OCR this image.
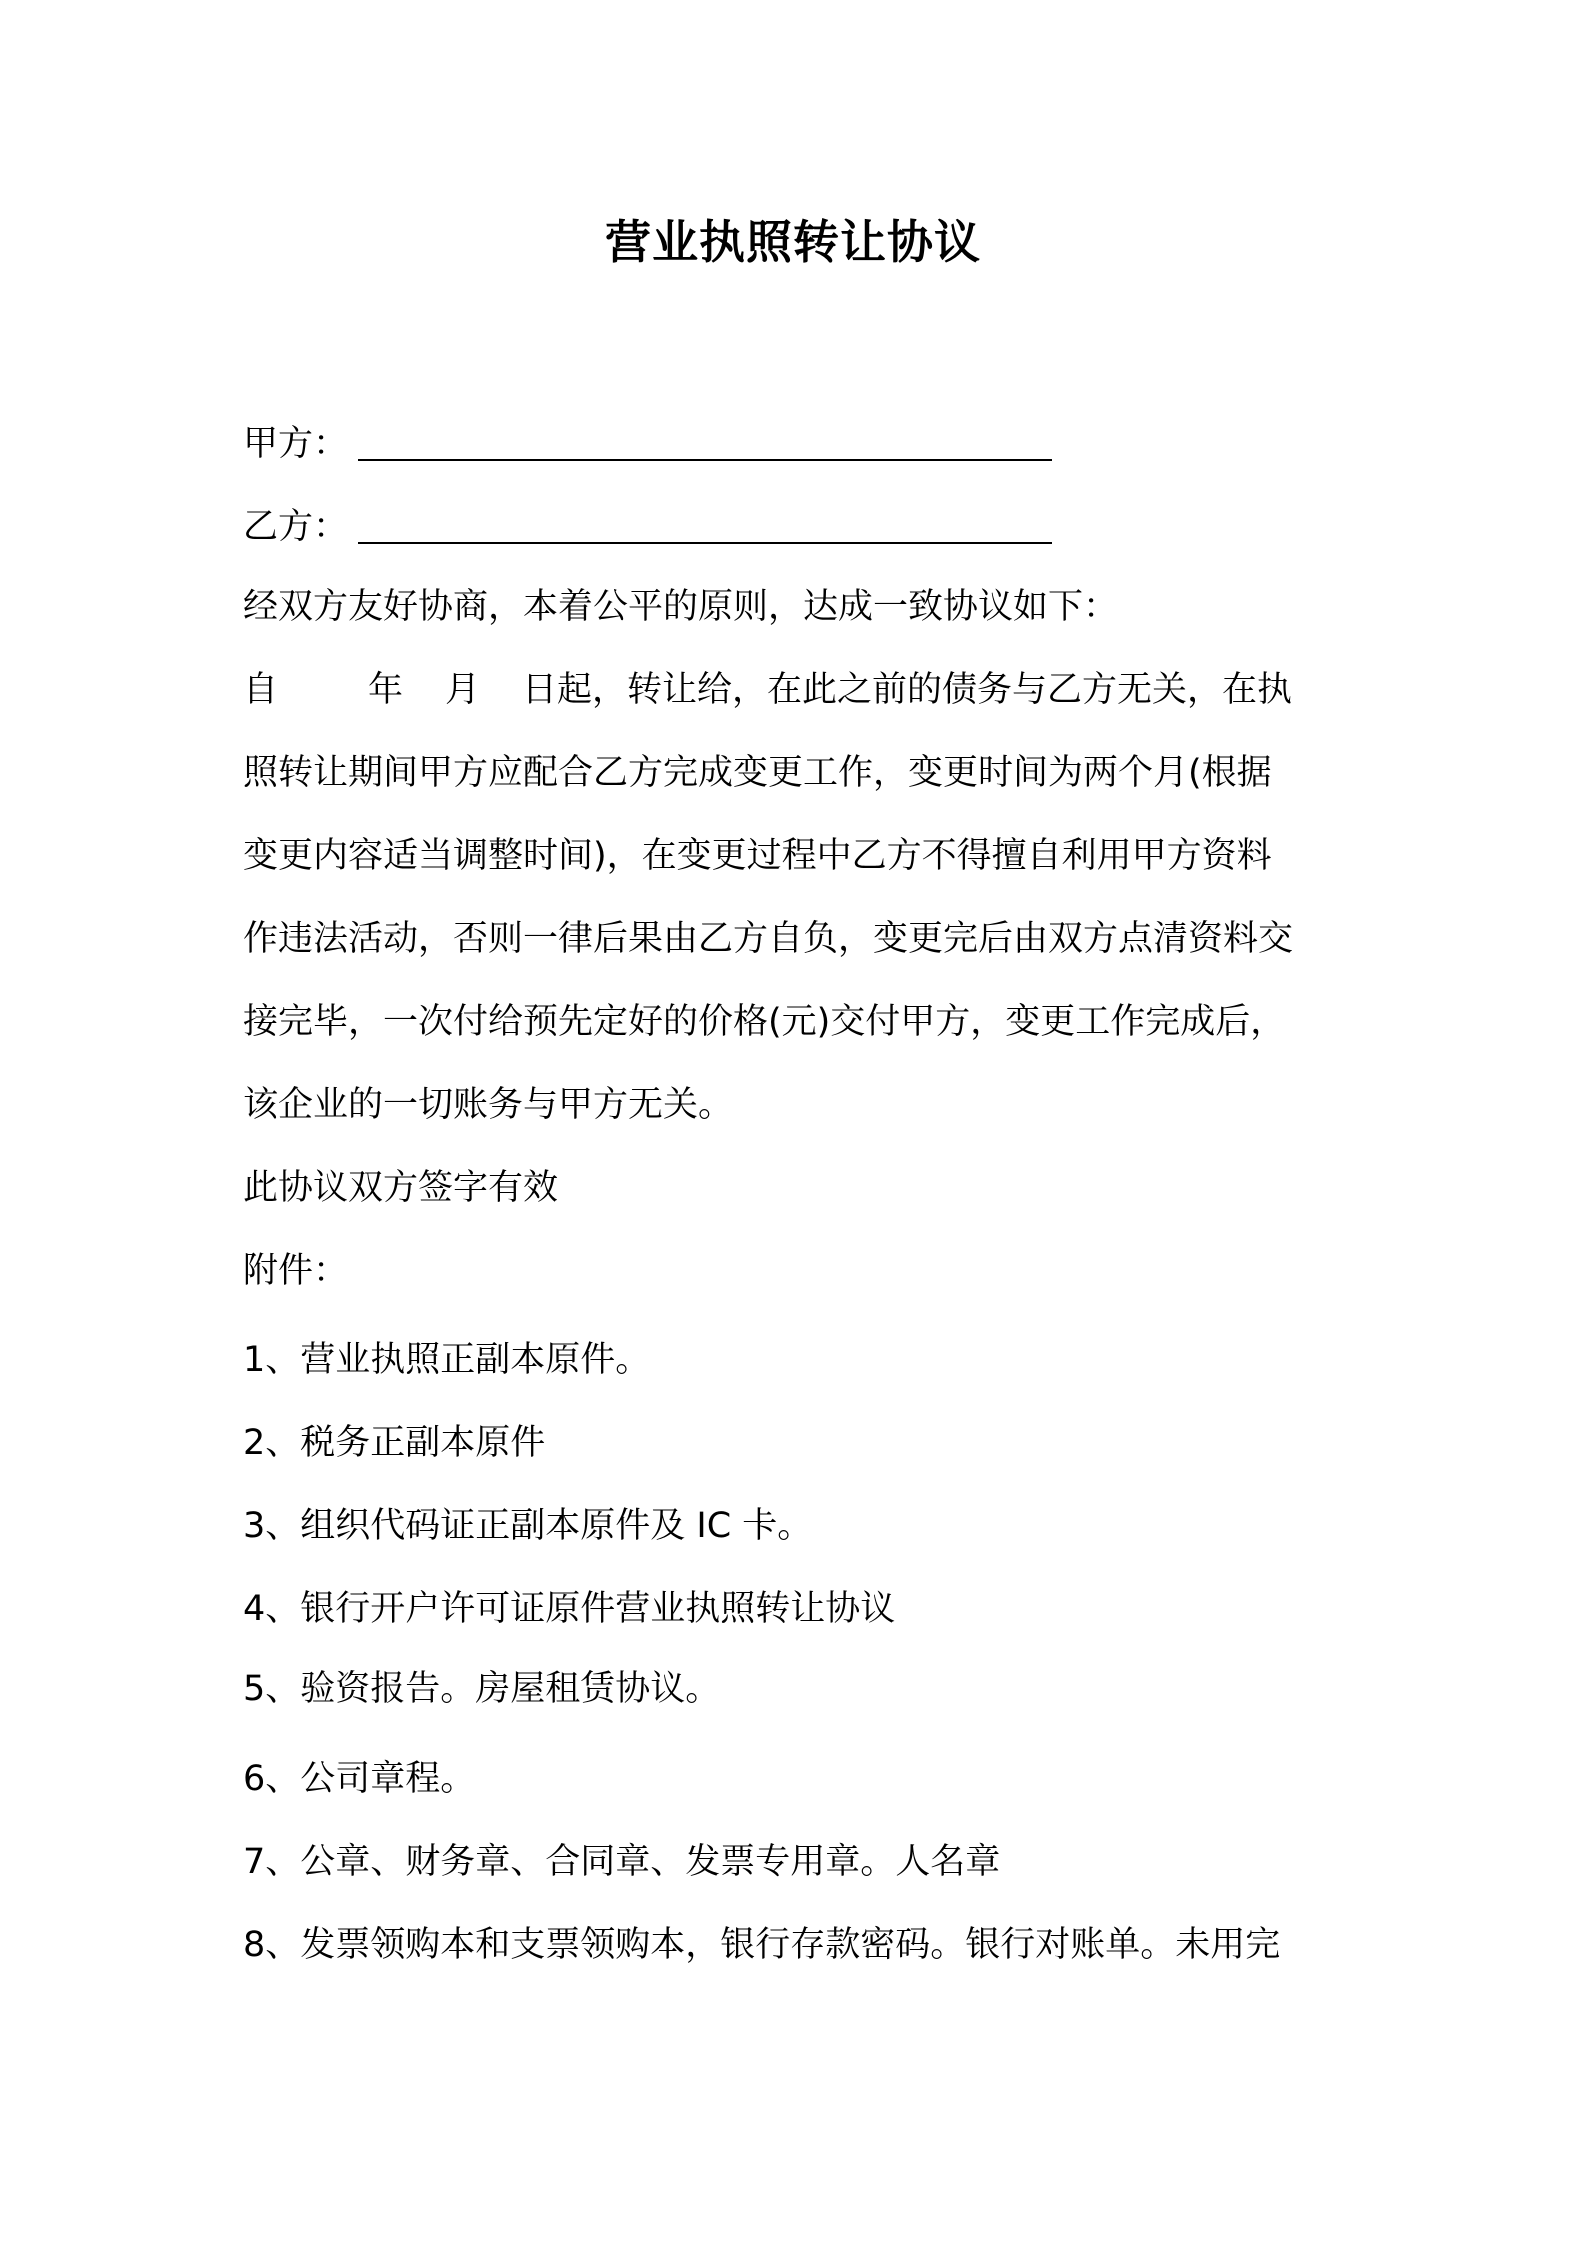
营业执照转让协议
甲方：
乙方：
经双方友好协商，本着公平的原则，达成一致协议如下：
自	年 月 日起，转让给，在此之前的债务与乙方无关，在执
照转让期间甲方应配合乙方完成变更工作，变更时间为两个月(根据
变更内容适当调整时间)，在变更过程中乙方不得擅自利用甲方资料
作违法活动，否则一律后果由乙方自负，变更完后由双方点清资料交
接完毕，一次付给预先定好的价格(元)交付甲方，变更工作完成后，
该企业的一切账务与甲方无关。
此协议双方签字有效
附件：
1、营业执照正副本原件。
2、税务正副本原件
3、组织代码证正副本原件及 IC 卡。
4、银行开户许可证原件营业执照转让协议
5、验资报告。房屋租赁协议。
6、公司章程。
7、公章、财务章、合同章、发票专用章。人名章
8、发票领购本和支票领购本，银行存款密码。银行对账单。未用完
